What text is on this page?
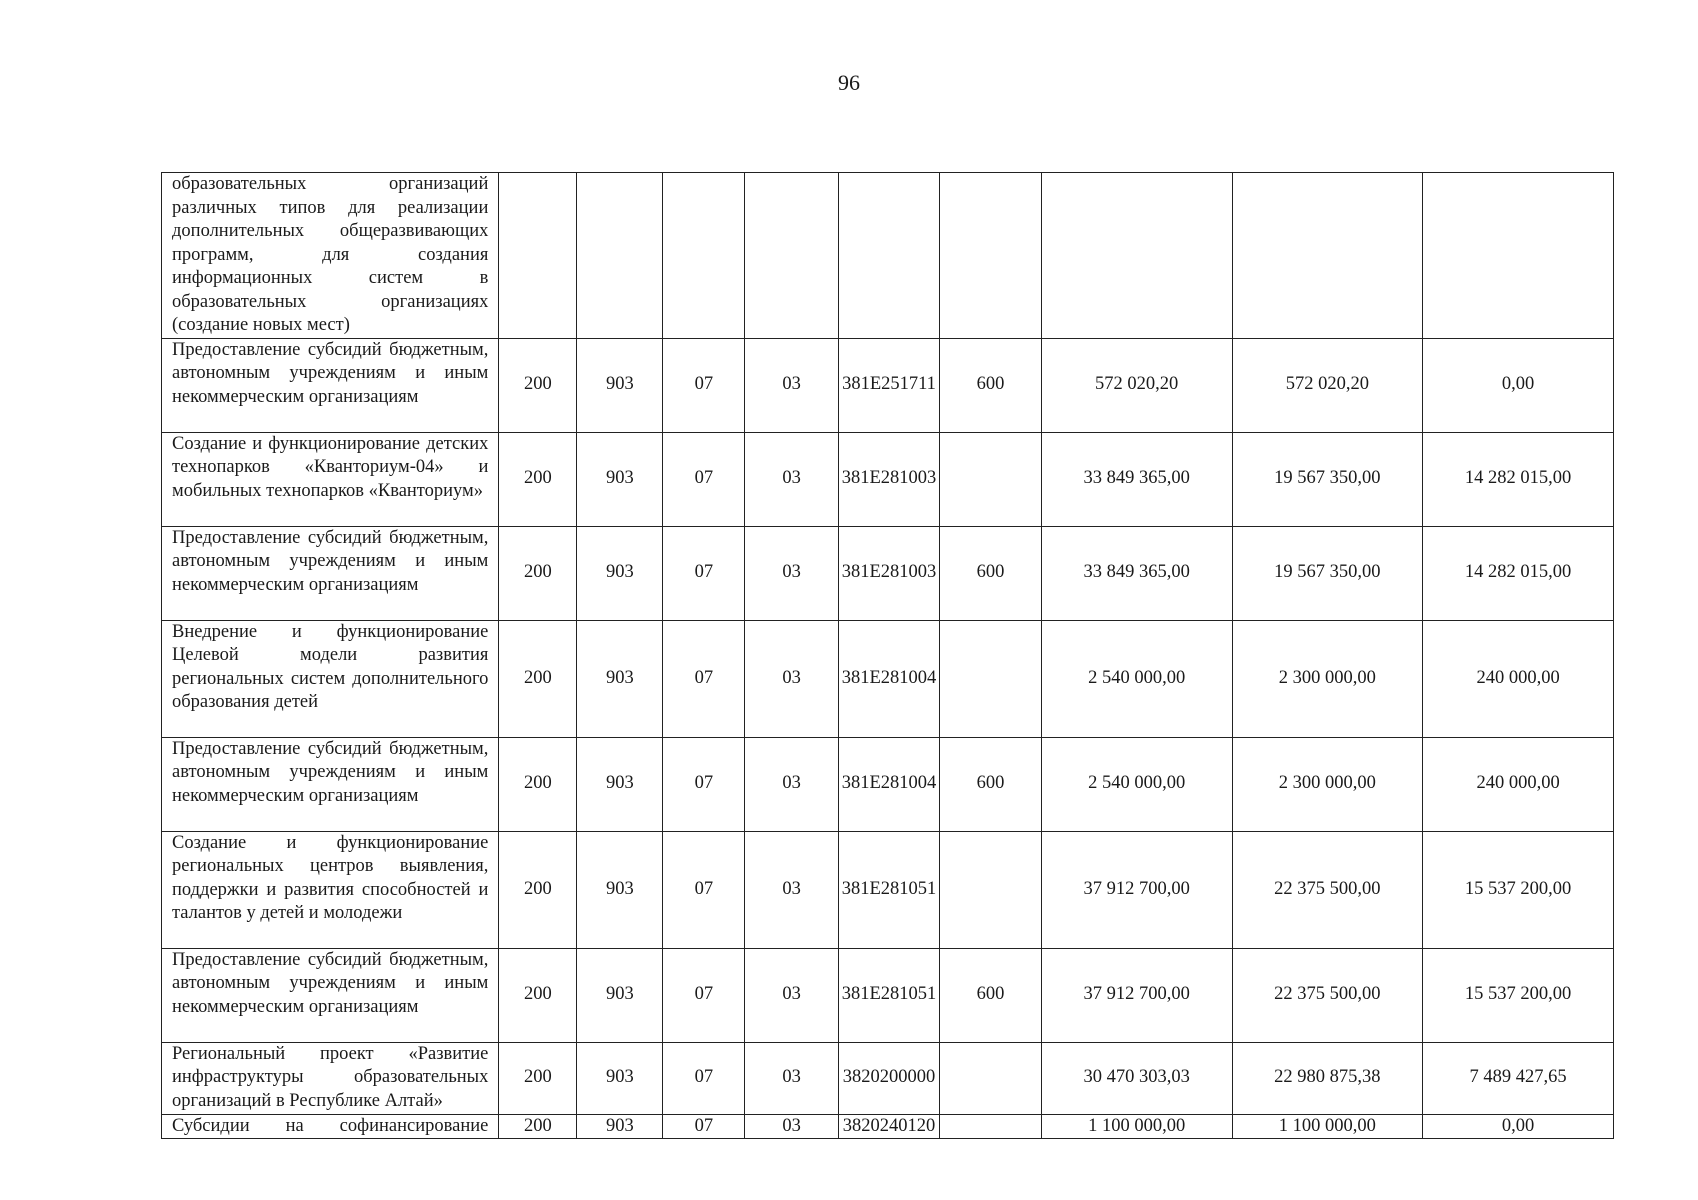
96
образовательных организаций различных типов для реализации дополнительных общеразвивающих программ, для создания информационных систем в образовательных организациях (создание новых мест)									
Предоставление субсидий бюджетным, автономным учреждениям и иным некоммерческим организациям	200	903	07	03	381E251711	600	572 020,20	572 020,20	0,00
Создание и функционирование детских технопарков «Кванториум-04» и мобильных технопарков «Кванториум»	200	903	07	03	381E281003		33 849 365,00	19 567 350,00	14 282 015,00
Предоставление субсидий бюджетным, автономным учреждениям и иным некоммерческим организациям	200	903	07	03	381E281003	600	33 849 365,00	19 567 350,00	14 282 015,00
Внедрение и функционирование Целевой модели развития региональных систем дополнительного образования детей	200	903	07	03	381E281004		2 540 000,00	2 300 000,00	240 000,00
Предоставление субсидий бюджетным, автономным учреждениям и иным некоммерческим организациям	200	903	07	03	381E281004	600	2 540 000,00	2 300 000,00	240 000,00
Создание и функционирование региональных центров выявления, поддержки и развития способностей и талантов у детей и молодежи	200	903	07	03	381E281051		37 912 700,00	22 375 500,00	15 537 200,00
Предоставление субсидий бюджетным, автономным учреждениям и иным некоммерческим организациям	200	903	07	03	381E281051	600	37 912 700,00	22 375 500,00	15 537 200,00
Региональный проект «Развитие инфраструктуры образовательных организаций в Республике Алтай»	200	903	07	03	3820200000		30 470 303,03	22 980 875,38	7 489 427,65
Субсидии на софинансирование	200	903	07	03	3820240120		1 100 000,00	1 100 000,00	0,00
